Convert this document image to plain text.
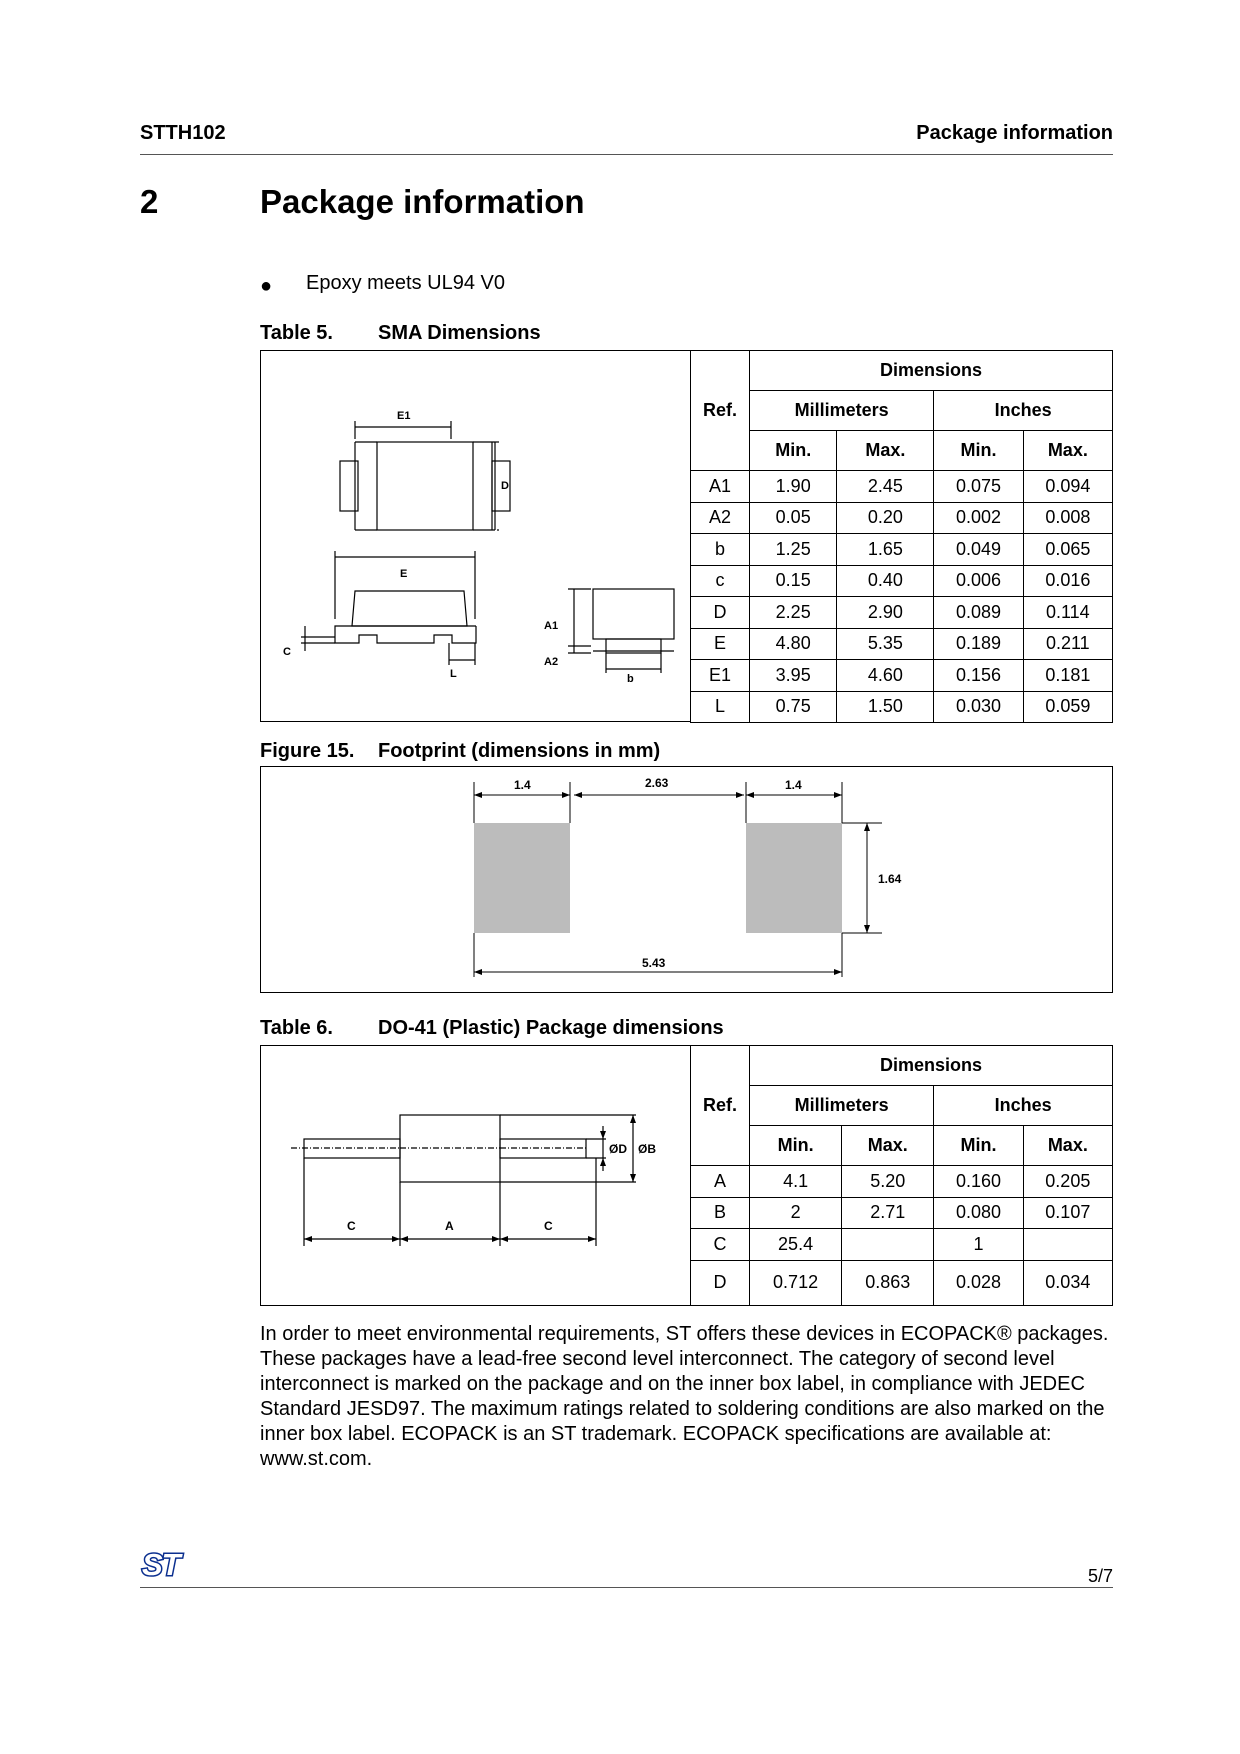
STTH102	Package information
2	Package information
● Epoxy meets UL94 V0
Table 5. SMA Dimensions
E1
D
E
C
L
A1
A2
b
Ref.	Dimensions			
	Millimeters		Inches	
	Min.	Max.	Min.	Max.
A1	1.90	2.45	0.075	0.094
A2	0.05	0.20	0.002	0.008
b	1.25	1.65	0.049	0.065
c	0.15	0.40	0.006	0.016
D	2.25	2.90	0.089	0.114
E	4.80	5.35	0.189	0.211
E1	3.95	4.60	0.156	0.181
L	0.75	1.50	0.030	0.059
Figure 15. Footprint (dimensions in mm)
1.4	2.63	1.4
1.64
5.43
Table 6. DO-41 (Plastic) Package dimensions
ØD ØB
C	A	C
Ref.	Dimensions			
	Millimeters		Inches	
	Min.	Max.	Min.	Max.
A	4.1	5.20	0.160	0.205
B	2	2.71	0.080	0.107
C	25.4		1	
D	0.712	0.863	0.028	0.034
In order to meet environmental requirements, ST offers these devices in ECOPACK® packages. These packages have a lead-free second level interconnect. The category of second level interconnect is marked on the package and on the inner box label, in compliance with JEDEC Standard JESD97. The maximum ratings related to soldering conditions are also marked on the inner box label. ECOPACK is an ST trademark. ECOPACK specifications are available at: www.st.com.
ST	5/7
